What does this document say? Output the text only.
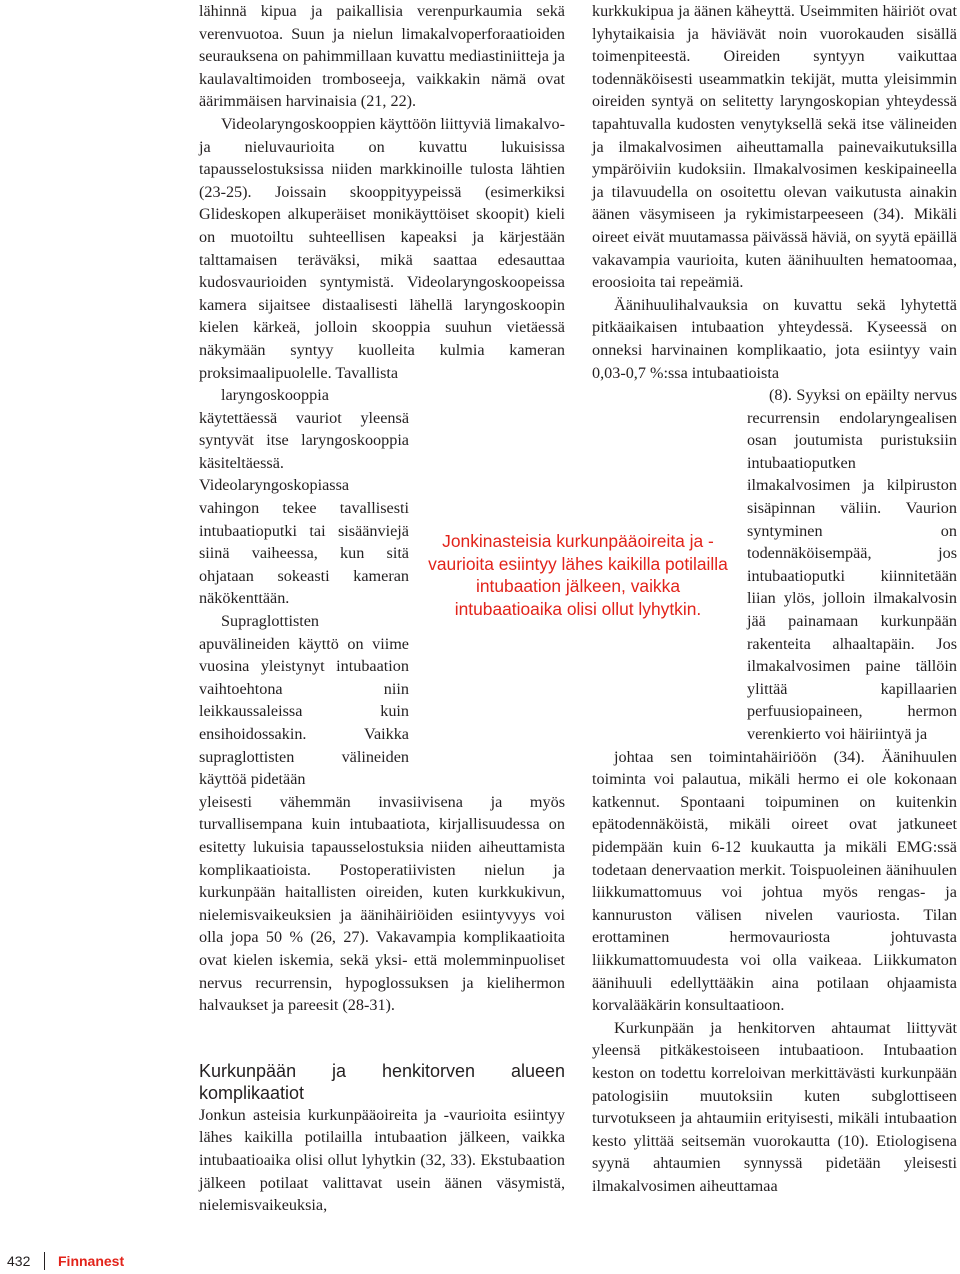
lähinnä kipua ja paikallisia verenpurkaumia sekä verenvuotoa. Suun ja nielun limakalvoperforaatioiden seurauksena on pahimmillaan kuvattu mediastiniitteja ja kaulavaltimoiden tromboseeja, vaikkakin nämä ovat äärimmäisen harvinaisia (21, 22).

Videolaryngoskooppien käyttöön liittyviä limakalvo- ja nieluvaurioita on kuvattu lukuisissa tapausselostuksissa niiden markkinoille tulosta lähtien (23-25). Joissain skooppityypeissä (esimerkiksi Glideskopen alkuperäiset monikäyttöiset skoopit) kieli on muotoiltu suhteellisen kapeaksi ja kärjestään talttamaisen teräväksi, mikä saattaa edesauttaa kudosvaurioiden syntymistä. Videolaryngoskoopeissa kamera sijaitsee distaalisesti lähellä laryngoskoopin kielen kärkeä, jolloin skooppia suuhun vietäessä näkymään syntyy kuolleita kulmia kameran proksimaalipuolelle. Tavallista
laryngoskooppia käytettäessä vauriot yleensä syntyvät itse laryngoskooppia käsiteltäessä. Videolaryngoskopiassa vahingon tekee tavallisesti intubaatioputki tai sisäänviejä siinä vaiheessa, kun sitä ohjataan sokeasti kameran näkökenttään.

Supraglottisten apuvälineiden käyttö on viime vuosina yleistynyt intubaation vaihtoehtona niin leikkaussaleissa kuin ensihoidossakin. Vaikka supraglottisten välineiden käyttöä pidetään

yleisesti vähemmän invasiivisena ja myös turvallisempana kuin intubaatiota, kirjallisuudessa on esitetty lukuisia tapausselostuksia niiden aiheuttamista komplikaatioista. Postoperatiivisten nielun ja kurkunpään haitallisten oireiden, kuten kurkkukivun, nielemisvaikeuksien ja äänihäiriöiden esiintyvyys voi olla jopa 50 % (26, 27). Vakavampia komplikaatioita ovat kielen iskemia, sekä yksi- että molemminpuoliset nervus recurrensin, hypoglossuksen ja kielihermon halvaukset ja pareesit (28-31).

Kurkunpään ja henkitorven alueen komplikaatiot

Jonkun asteisia kurkunpääoireita ja -vaurioita esiintyy lähes kaikilla potilailla intubaation jälkeen, vaikka intubaatioaika olisi ollut lyhytkin (32, 33). Ekstubaation jälkeen potilaat valittavat usein äänen väsymistä, nielemisvaikeuksia,

Jonkinasteisia kurkunpääoireita ja -vaurioita esiintyy lähes kaikilla potilailla intubaation jälkeen, vaikka intubaatioaika olisi ollut lyhytkin.

kurkkukipua ja äänen käheyttä. Useimmiten häiriöt ovat lyhytaikaisia ja häviävät noin vuorokauden sisällä toimenpiteestä. Oireiden syntyyn vaikuttaa todennäköisesti useammatkin tekijät, mutta yleisimmin oireiden syntyä on selitetty laryngoskopian yhteydessä tapahtuvalla kudosten venytyksellä sekä itse välineiden ja ilmakalvosimen aiheuttamalla painevaikutuksilla ympäröiviin kudoksiin. Ilmakalvosimen keskipaineella ja tilavuudella on osoitettu olevan vaikutusta ainakin äänen väsymiseen ja rykimistarpeeseen (34). Mikäli oireet eivät muutamassa päivässä häviä, on syytä epäillä vakavampia vaurioita, kuten äänihuulten hematoomaa, eroosioita tai repeämiä.

Äänihuulihalvauksia on kuvattu sekä lyhytettä pitkäaikaisen intubaation yhteydessä. Kyseessä on onneksi harvinainen komplikaatio, jota esiintyy vain 0,03-0,7 %:ssa intubaatioista
(8). Syyksi on epäilty nervus recurrensin endolaryngealisen osan joutumista puristuksiin intubaatioputken ilmakalvosimen ja kilpiruston sisäpinnan väliin. Vaurion syntyminen on todennäköisempää, jos intubaatioputki kiinnitetään liian ylös, jolloin ilmakalvosin jää painamaan kurkunpään rakenteita alhaaltapäin. Jos ilmakalvosimen paine tällöin ylittää kapillaarien perfuusiopaineen, hermon verenkierto voi häiriintyä ja
johtaa sen toimintahäiriöön (34). Äänihuulen toiminta voi palautua, mikäli hermo ei ole kokonaan katkennut. Spontaani toipuminen on kuitenkin epätodennäköistä, mikäli oireet ovat jatkuneet pidempään kuin 6-12 kuukautta ja mikäli EMG:ssä todetaan denervaation merkit. Toispuoleinen äänihuulen liikkumattomuus voi johtua myös rengas- ja kannuruston välisen nivelen vauriosta. Tilan erottaminen hermovauriosta johtuvasta liikkumattomuudesta voi olla vaikeaa. Liikkumaton äänihuuli edellyttääkin aina potilaan ohjaamista korvalääkärin konsultaatioon.

Kurkunpään ja henkitorven ahtaumat liittyvät yleensä pitkäkestoiseen intubaatioon. Intubaation keston on todettu korreloivan merkittävästi kurkunpään patologisiin muutoksiin kuten subglottiseen turvotukseen ja ahtaumiin erityisesti, mikäli intubaation kesto ylittää seitsemän vuorokautta (10). Etiologisena syynä ahtaumien synnyssä pidetään yleisesti ilmakalvosimen aiheuttamaa

432 Finnanest
